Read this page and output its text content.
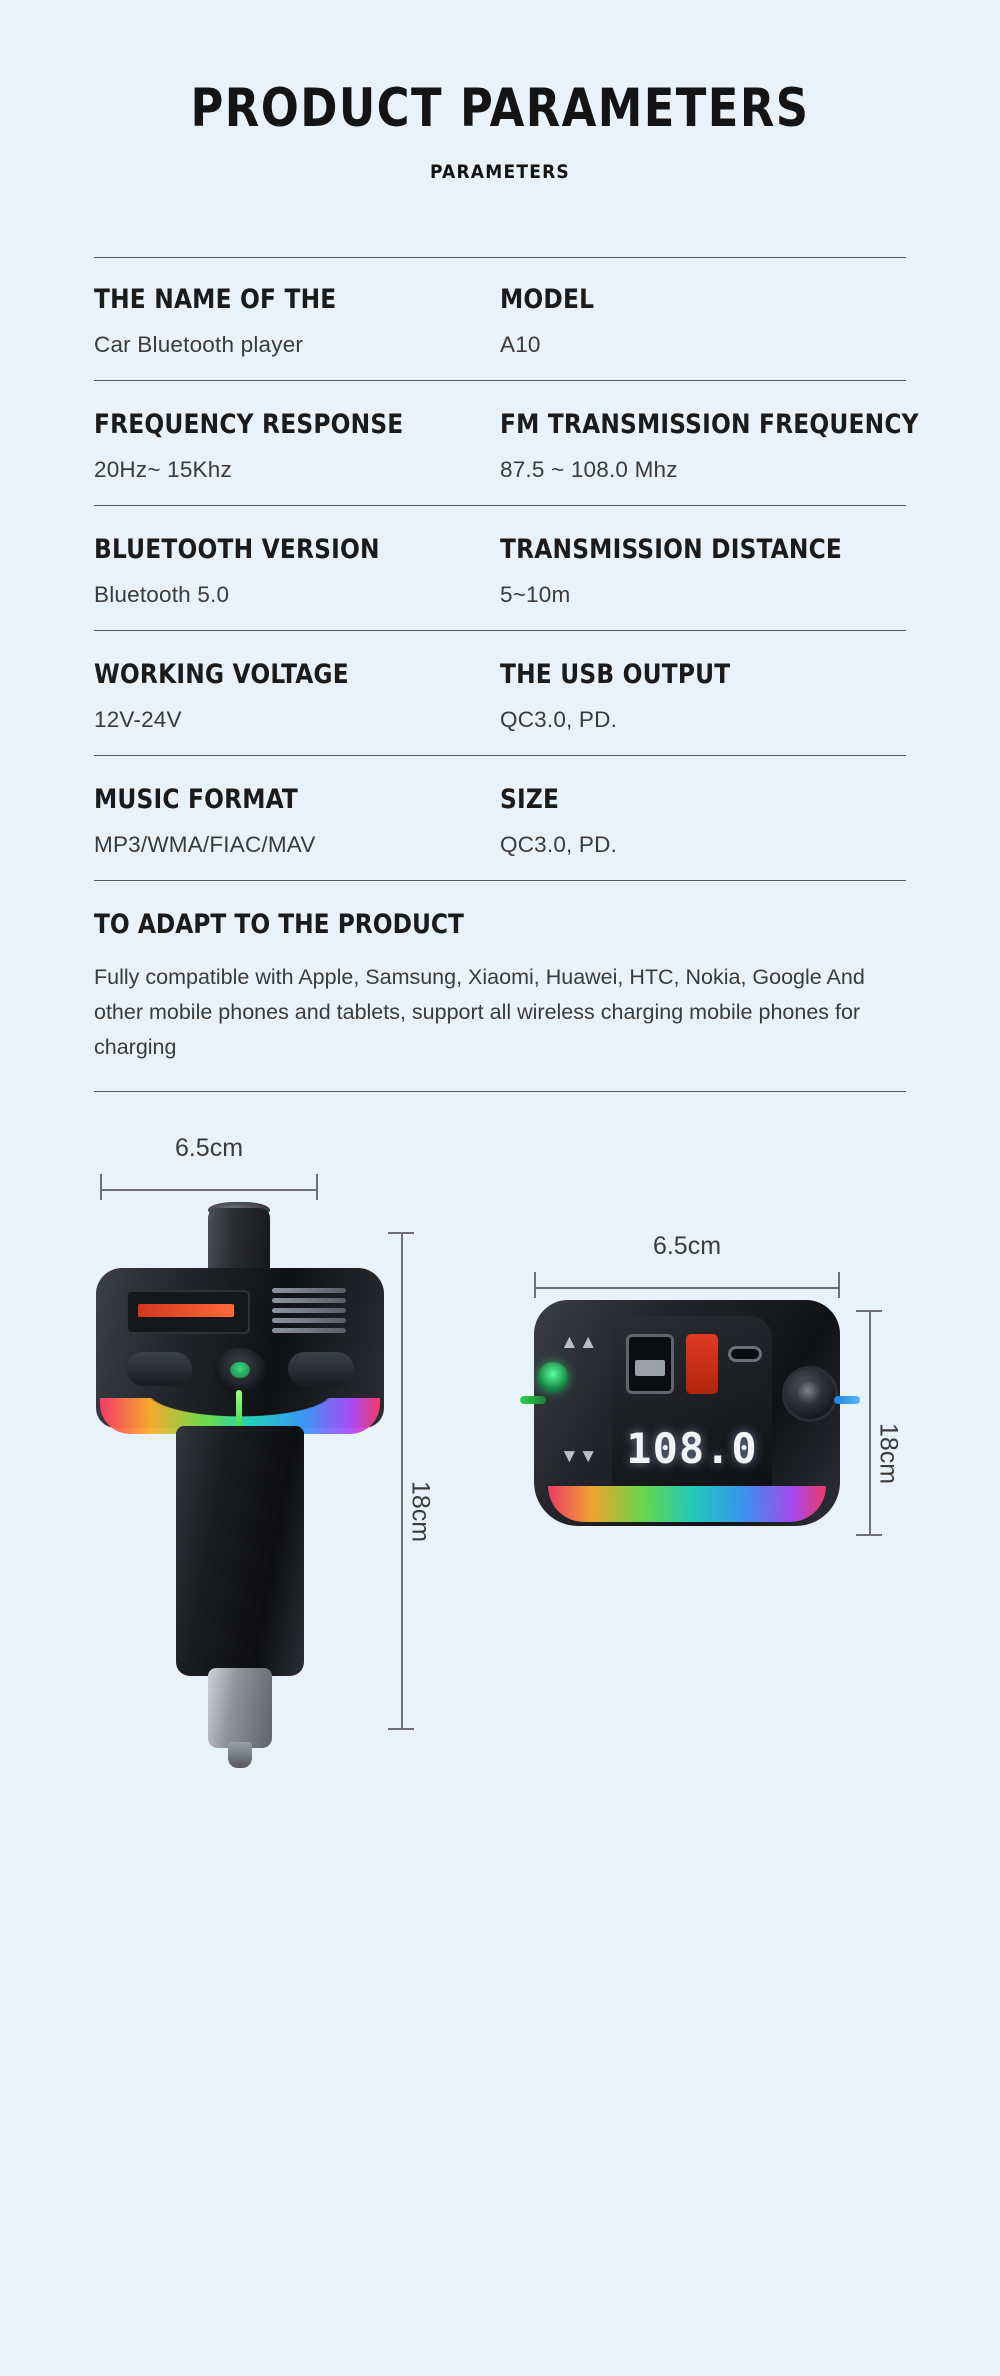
PRODUCT PARAMETERS
PARAMETERS
THE NAME OF THE
Car Bluetooth player
MODEL
A10
FREQUENCY RESPONSE
20Hz~ 15Khz
FM TRANSMISSION FREQUENCY
87.5 ~ 108.0 Mhz
BLUETOOTH VERSION
Bluetooth 5.0
TRANSMISSION DISTANCE
5~10m
WORKING VOLTAGE
12V-24V
THE USB OUTPUT
QC3.0, PD.
MUSIC FORMAT
MP3/WMA/FIAC/MAV
SIZE
QC3.0, PD.
TO ADAPT TO THE PRODUCT
Fully compatible with Apple, Samsung, Xiaomi, Huawei, HTC, Nokia, Google And other mobile phones and tablets, support all wireless charging mobile phones for charging
6.5cm
18cm
6.5cm
108.0
▲▲
▼▼	18cm
